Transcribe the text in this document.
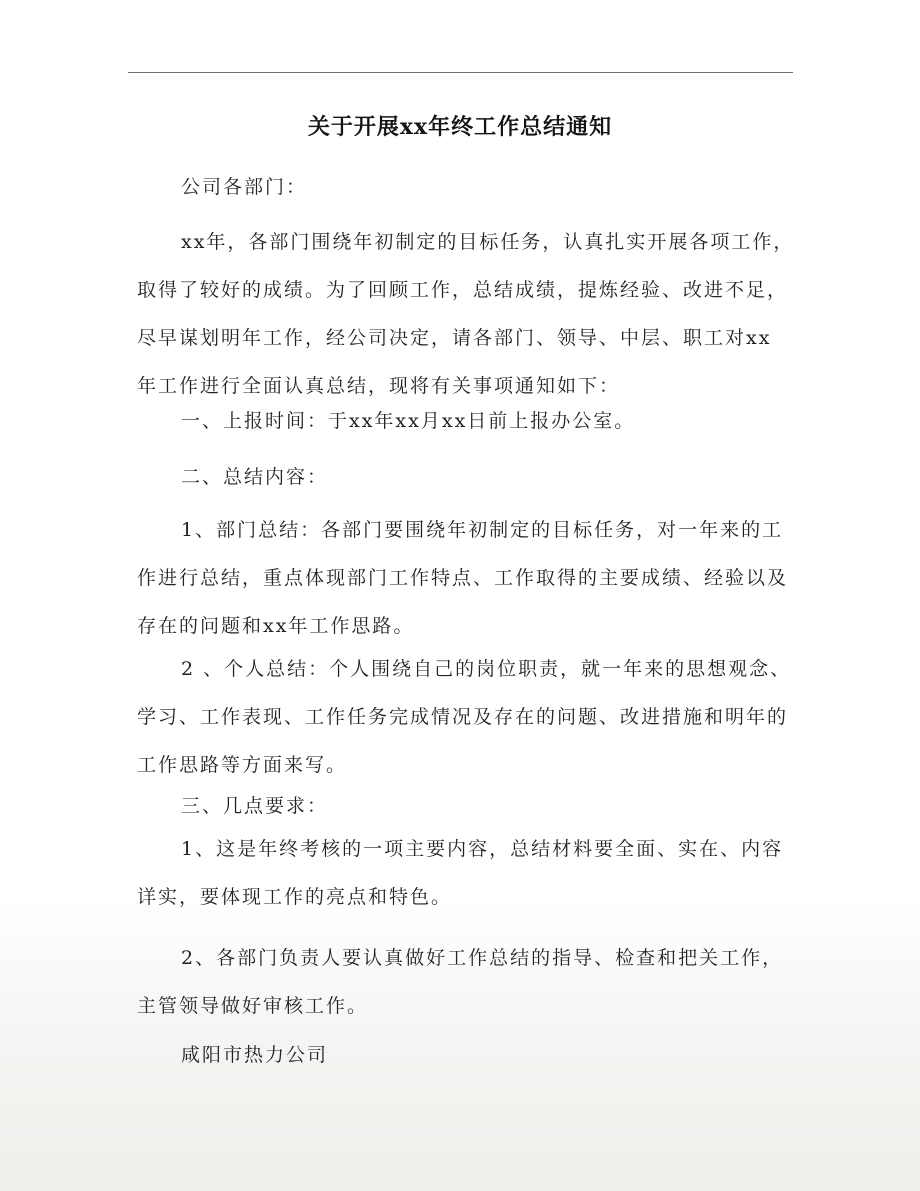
关于开展xx年终工作总结通知

公司各部门：

xx年，各部门围绕年初制定的目标任务，认真扎实开展各项工作，
取得了较好的成绩。为了回顾工作，总结成绩，提炼经验、改进不足，
尽早谋划明年工作，经公司决定，请各部门、领导、中层、职工对xx
年工作进行全面认真总结，现将有关事项通知如下：

一、上报时间：于xx年xx月xx日前上报办公室。

二、总结内容：

1、部门总结：各部门要围绕年初制定的目标任务，对一年来的工
作进行总结，重点体现部门工作特点、工作取得的主要成绩、经验以及
存在的问题和xx年工作思路。
2 、个人总结：个人围绕自己的岗位职责，就一年来的思想观念、
学习、工作表现、工作任务完成情况及存在的问题、改进措施和明年的
工作思路等方面来写。

三、几点要求：

1、这是年终考核的一项主要内容，总结材料要全面、实在、内容
详实，要体现工作的亮点和特色。
2、各部门负责人要认真做好工作总结的指导、检查和把关工作，
主管领导做好审核工作。

咸阳市热力公司
